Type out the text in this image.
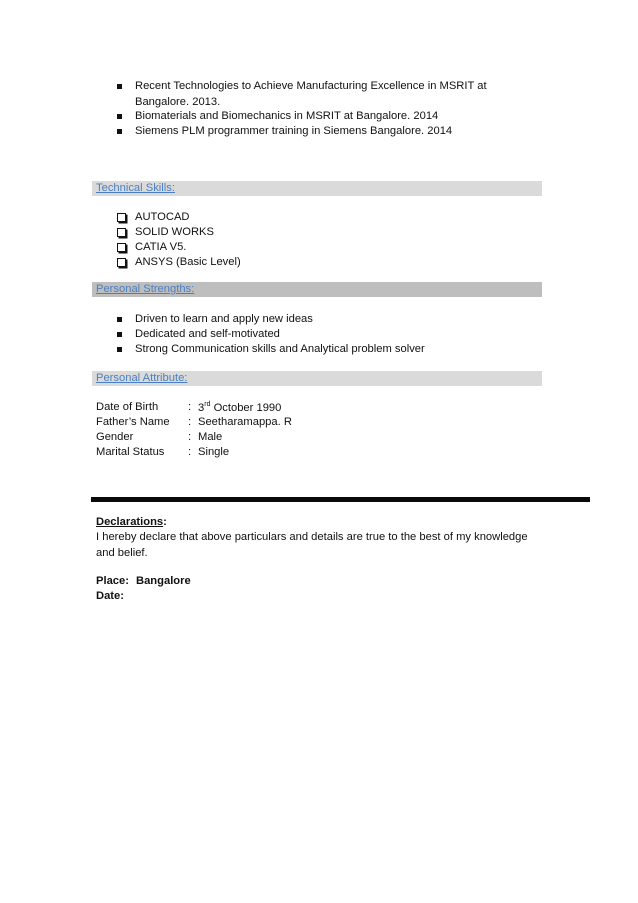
Recent Technologies to Achieve Manufacturing Excellence in MSRIT at Bangalore. 2013.
Biomaterials and Biomechanics in MSRIT at Bangalore. 2014
Siemens PLM programmer training in Siemens Bangalore. 2014
Technical Skills:
AUTOCAD
SOLID WORKS
CATIA V5.
ANSYS (Basic Level)
Personal Strengths:
Driven to learn and apply new ideas
Dedicated and self-motivated
Strong Communication skills and Analytical problem solver
Personal Attribute:
Date of Birth	: 3rd October 1990
Father’s Name : Seetharamappa. R
Gender	: Male
Marital Status : Single
Declarations:
I hereby declare that above particulars and details are true to the best of my knowledge and belief.
Place: Bangalore
Date:
